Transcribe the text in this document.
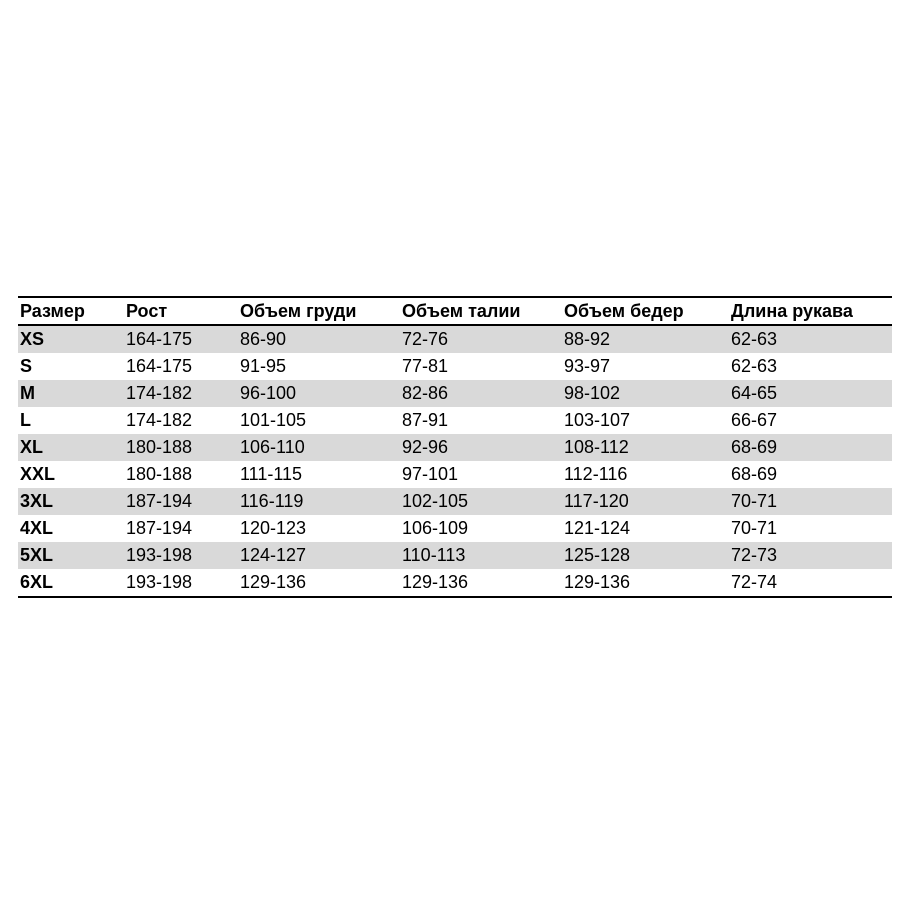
Размер	Рост	Объем груди	Объем талии	Объем бедер	Длина рукава
XS	164-175	86-90	72-76	88-92	62-63
S	164-175	91-95	77-81	93-97	62-63
M	174-182	96-100	82-86	98-102	64-65
L	174-182	101-105	87-91	103-107	66-67
XL	180-188	106-110	92-96	108-112	68-69
XXL	180-188	111-115	97-101	112-116	68-69
3XL	187-194	116-119	102-105	117-120	70-71
4XL	187-194	120-123	106-109	121-124	70-71
5XL	193-198	124-127	110-113	125-128	72-73
6XL	193-198	129-136	129-136	129-136	72-74
